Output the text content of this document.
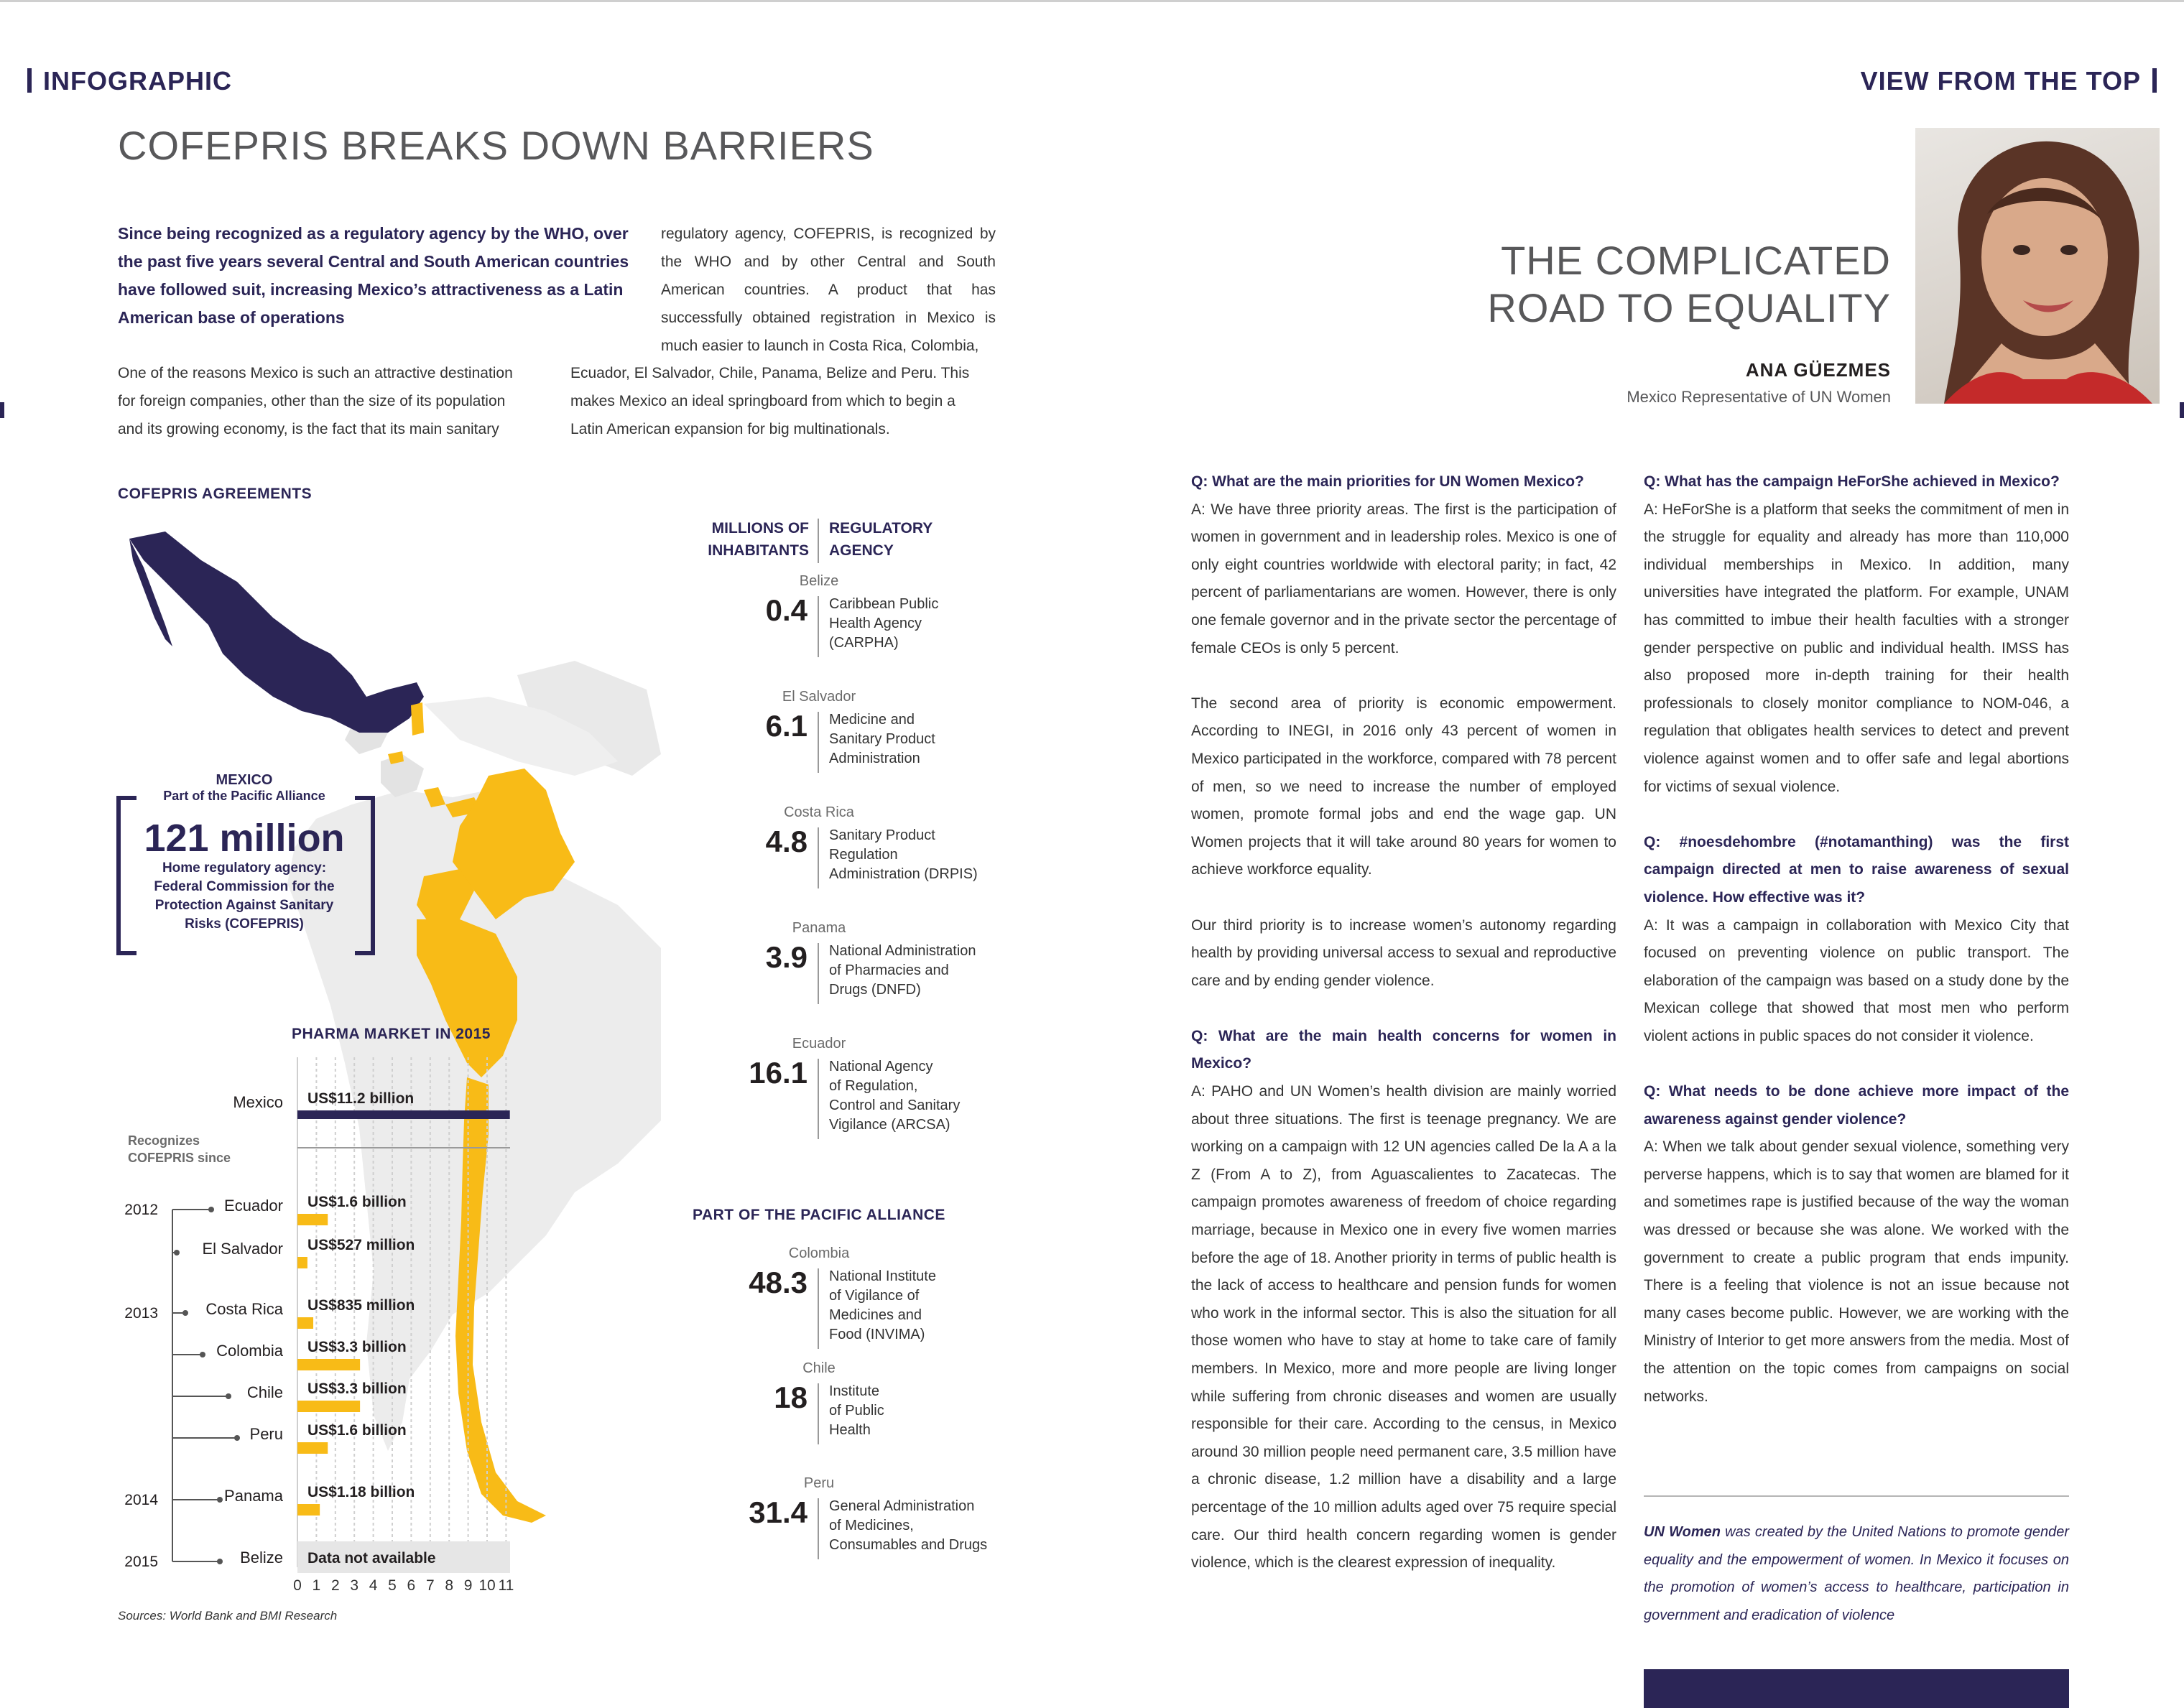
INFOGRAPHIC	VIEW FROM THE TOP
COFEPRIS BREAKS DOWN BARRIERS
Since being recognized as a regulatory agency by the WHO, over the past five years several Central and South American countries have followed suit, increasing Mexico’s attractiveness as a Latin American base of operations
regulatory agency, COFEPRIS, is recognized by the WHO and by other Central and South American countries. A product that has successfully obtained registration in Mexico is much easier to launch in Costa Rica, Colombia,
One of the reasons Mexico is such an attractive destination
for foreign companies, other than the size of its population
and its growing economy, is the fact that its main sanitary
Ecuador, El Salvador, Chile, Panama, Belize and Peru. This
makes Mexico an ideal springboard from which to begin a
Latin American expansion for big multinationals.
COFEPRIS AGREEMENTS
MEXICO
Part of the Pacific Alliance
121 million
Home regulatory agency:
Federal Commission for the
Protection Against Sanitary
Risks (COFEPRIS)
MILLIONS OF
INHABITANTS
REGULATORY
AGENCY
Belize
0.4 Caribbean Public
Health Agency
(CARPHA)
El Salvador
6.1 Medicine and
Sanitary Product
Administration
Costa Rica
4.8 Sanitary Product
Regulation
Administration (DRPIS)
Panama
3.9 National Administration
of Pharmacies and
Drugs (DNFD)
Ecuador
16.1 National Agency
of Regulation,
Control and Sanitary
Vigilance (ARCSA)
PART OF THE PACIFIC ALLIANCE
Colombia
48.3 National Institute
of Vigilance of
Medicines and
Food (INVIMA)
Chile
18 Institute
of Public
Health
Peru
31.4 General Administration
of Medicines,
Consumables and Drugs
PHARMA MARKET IN 2015
Recognizes
COFEPRIS since
0 1 2 3 4 5 6 7 8 9 10 11
Mexico US$11.2 billion
Ecuador US$1.6 billion
El Salvador US$527 million
Costa Rica US$835 million
Colombia US$3.3 billion
Chile US$3.3 billion
Peru US$1.6 billion
Panama US$1.18 billion
Belize Data not available
2012
2013
2014
2015
Sources: World Bank and BMI Research
THE COMPLICATED
ROAD TO EQUALITY
ANA GÜEZMES
Mexico Representative of UN Women
Q: What are the main priorities for UN Women Mexico?
A: We have three priority areas. The first is the participation of women in government and in leadership roles. Mexico is one of only eight countries worldwide with electoral parity; in fact, 42 percent of parliamentarians are women. However, there is only one female governor and in the private sector the percentage of female CEOs is only 5 percent.
The second area of priority is economic empowerment. According to INEGI, in 2016 only 43 percent of women in Mexico participated in the workforce, compared with 78 percent of men, so we need to increase the number of employed women, promote formal jobs and end the wage gap. UN Women projects that it will take around 80 years for women to achieve workforce equality.
Our third priority is to increase women’s autonomy regarding health by providing universal access to sexual and reproductive care and by ending gender violence.
Q: What are the main health concerns for women in Mexico?
A: PAHO and UN Women’s health division are mainly worried about three situations. The first is teenage pregnancy. We are working on a campaign with 12 UN agencies called De la A a la Z (From A to Z), from Aguascalientes to Zacatecas. The campaign promotes awareness of freedom of choice regarding marriage, because in Mexico one in every five women marries before the age of 18. Another priority in terms of public health is the lack of access to healthcare and pension funds for women who work in the informal sector. This is also the situation for all those women who have to stay at home to take care of family members. In Mexico, more and more people are living longer while suffering from chronic diseases and women are usually responsible for their care. According to the census, in Mexico around 30 million people need permanent care, 3.5 million have a chronic disease, 1.2 million have a disability and a large percentage of the 10 million adults aged over 75 require special care. Our third health concern regarding women is gender violence, which is the clearest expression of inequality.
Q: What has the campaign HeForShe achieved in Mexico?
A: HeForShe is a platform that seeks the commitment of men in the struggle for equality and already has more than 110,000 individual memberships in Mexico. In addition, many universities have integrated the platform. For example, UNAM has committed to imbue their health faculties with a stronger gender perspective on public and individual health. IMSS has also proposed more in-depth training for their health professionals to closely monitor compliance to NOM-046, a regulation that obligates health services to detect and prevent violence against women and to offer safe and legal abortions for victims of sexual violence.
Q: #noesdehombre (#notamanthing) was the first campaign directed at men to raise awareness of sexual violence. How effective was it?
A: It was a campaign in collaboration with Mexico City that focused on preventing violence on public transport. The elaboration of the campaign was based on a study done by the Mexican college that showed that most men who perform violent actions in public spaces do not consider it violence.
Q: What needs to be done achieve more impact of the awareness against gender violence?
A: When we talk about gender sexual violence, something very perverse happens, which is to say that women are blamed for it and sometimes rape is justified because of the way the woman was dressed or because she was alone. We worked with the government to create a public program that ends impunity. There is a feeling that violence is not an issue because not many cases become public. However, we are working with the Ministry of Interior to get more answers from the media. Most of the attention on the topic comes from campaigns on social networks.
UN Women was created by the United Nations to promote gender equality and the empowerment of women. In Mexico it focuses on the promotion of women’s access to healthcare, participation in government and eradication of violence
